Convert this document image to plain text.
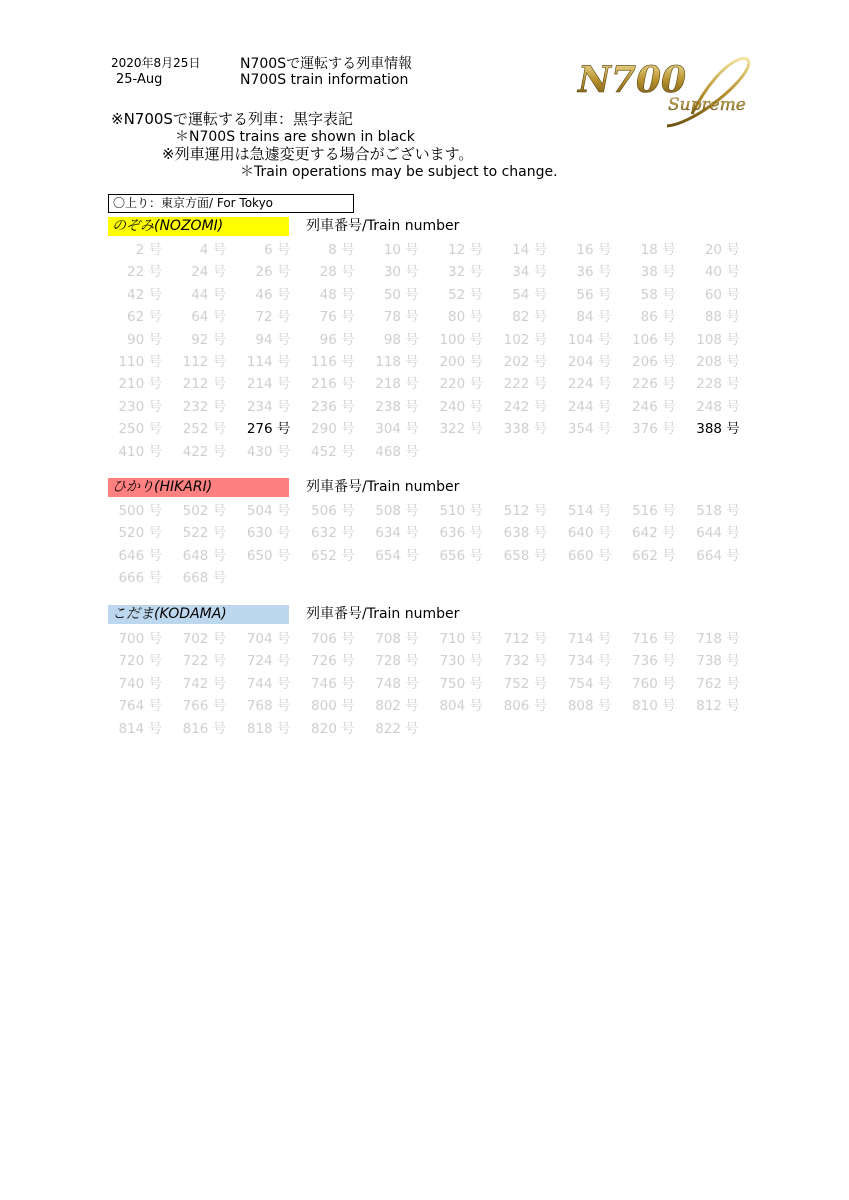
2020年8月25日
25-Aug
N700Sで運転する列車情報
N700S train information	N700
Supreme
※N700Sで運転する列車：黒字表記
＊N700S trains are shown in black
※列車運用は急遽変更する場合がございます。
＊Train operations may be subject to change.
〇上り：東京方面/ For Tokyo
のぞみ(NOZOMI)	列車番号/Train number
2 号	4 号	6 号	8 号	10 号	12 号	14 号	16 号	18 号	20 号
22 号	24 号	26 号	28 号	30 号	32 号	34 号	36 号	38 号	40 号
42 号	44 号	46 号	48 号	50 号	52 号	54 号	56 号	58 号	60 号
62 号	64 号	72 号	76 号	78 号	80 号	82 号	84 号	86 号	88 号
90 号	92 号	94 号	96 号	98 号	100 号	102 号	104 号	106 号	108 号
110 号	112 号	114 号	116 号	118 号	200 号	202 号	204 号	206 号	208 号
210 号	212 号	214 号	216 号	218 号	220 号	222 号	224 号	226 号	228 号
230 号	232 号	234 号	236 号	238 号	240 号	242 号	244 号	246 号	248 号
250 号	252 号	276 号	290 号	304 号	322 号	338 号	354 号	376 号	388 号
410 号	422 号	430 号	452 号	468 号
ひかり(HIKARI)	列車番号/Train number
500 号	502 号	504 号	506 号	508 号	510 号	512 号	514 号	516 号	518 号
520 号	522 号	630 号	632 号	634 号	636 号	638 号	640 号	642 号	644 号
646 号	648 号	650 号	652 号	654 号	656 号	658 号	660 号	662 号	664 号
666 号	668 号
こだま(KODAMA)	列車番号/Train number
700 号	702 号	704 号	706 号	708 号	710 号	712 号	714 号	716 号	718 号
720 号	722 号	724 号	726 号	728 号	730 号	732 号	734 号	736 号	738 号
740 号	742 号	744 号	746 号	748 号	750 号	752 号	754 号	760 号	762 号
764 号	766 号	768 号	800 号	802 号	804 号	806 号	808 号	810 号	812 号
814 号	816 号	818 号	820 号	822 号
